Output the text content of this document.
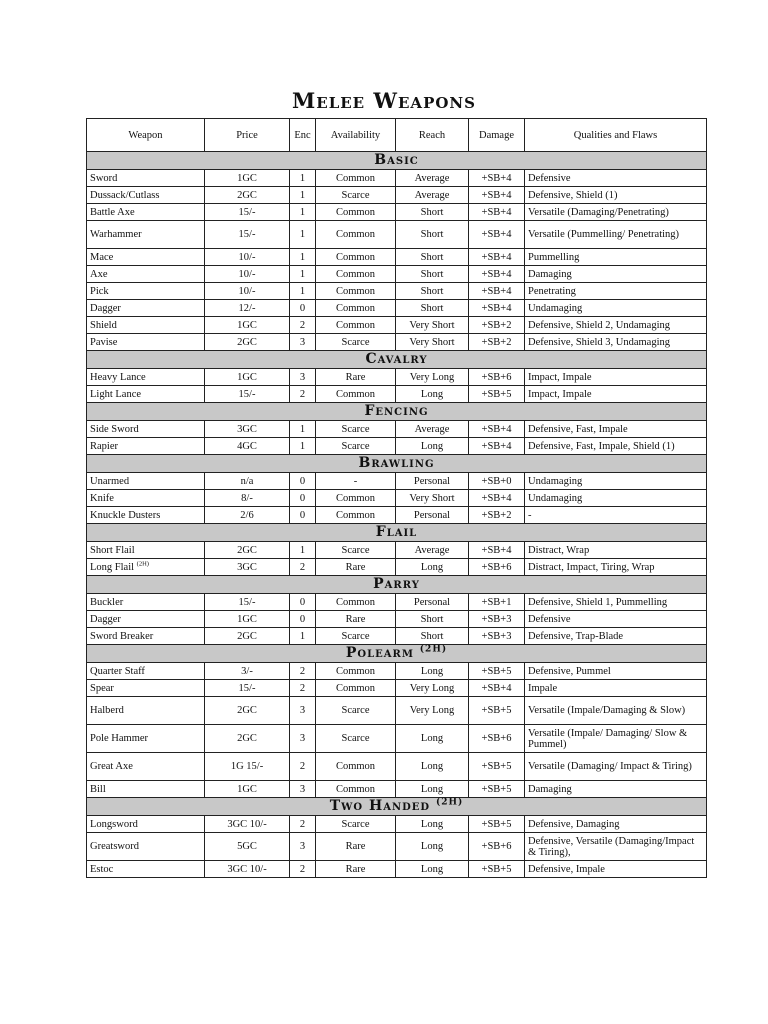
Melee Weapons
Weapon	Price	Enc	Availability	Reach	Damage	Qualities and Flaws
Basic						
Sword	1GC	1	Common	Average	+SB+4	Defensive
Dussack/Cutlass	2GC	1	Scarce	Average	+SB+4	Defensive, Shield (1)
Battle Axe	15/-	1	Common	Short	+SB+4	Versatile (Damaging/Penetrating)
Warhammer	15/-	1	Common	Short	+SB+4	Versatile (Pummelling/ Penetrating)
Mace	10/-	1	Common	Short	+SB+4	Pummelling
Axe	10/-	1	Common	Short	+SB+4	Damaging
Pick	10/-	1	Common	Short	+SB+4	Penetrating
Dagger	12/-	0	Common	Short	+SB+4	Undamaging
Shield	1GC	2	Common	Very Short	+SB+2	Defensive, Shield 2, Undamaging
Pavise	2GC	3	Scarce	Very Short	+SB+2	Defensive, Shield 3, Undamaging
Cavalry						
Heavy Lance	1GC	3	Rare	Very Long	+SB+6	Impact, Impale
Light Lance	15/-	2	Common	Long	+SB+5	Impact, Impale
Fencing						
Side Sword	3GC	1	Scarce	Average	+SB+4	Defensive, Fast, Impale
Rapier	4GC	1	Scarce	Long	+SB+4	Defensive, Fast, Impale, Shield (1)
Brawling						
Unarmed	n/a	0	-	Personal	+SB+0	Undamaging
Knife	8/-	0	Common	Very Short	+SB+4	Undamaging
Knuckle Dusters	2/6	0	Common	Personal	+SB+2	-
Flail						
Short Flail	2GC	1	Scarce	Average	+SB+4	Distract, Wrap
Long Flail $^{(2H)}$	3GC	2	Rare	Long	+SB+6	Distract, Impact, Tiring, Wrap
Parry						
Buckler	15/-	0	Common	Personal	+SB+1	Defensive, Shield 1, Pummelling
Dagger	1GC	0	Rare	Short	+SB+3	Defensive
Sword Breaker	2GC	1	Scarce	Short	+SB+3	Defensive, Trap-Blade
Polearm $^{(2H)}$
Quarter Staff	3/-	2	Common	Long	+SB+5	Defensive, Pummel
Spear	15/-	2	Common	Very Long	+SB+4	Impale
Halberd	2GC	3	Scarce	Very Long	+SB+5	Versatile (Impale/Damaging & Slow)
Pole Hammer	2GC	3	Scarce	Long	+SB+6	Versatile (Impale/ Damaging/ Slow & Pummel)
Great Axe	1G 15/-	2	Common	Long	+SB+5	Versatile (Damaging/ Impact & Tiring)
Bill	1GC	3	Common	Long	+SB+5	Damaging
Two Handed $^{(2H)}$
Longsword	3GC 10/-	2	Scarce	Long	+SB+5	Defensive, Damaging
Greatsword	5GC	3	Rare	Long	+SB+6	Defensive, Versatile (Damaging/Impact & Tiring),
Estoc	3GC 10/-	2	Rare	Long	+SB+5	Defensive, Impale
